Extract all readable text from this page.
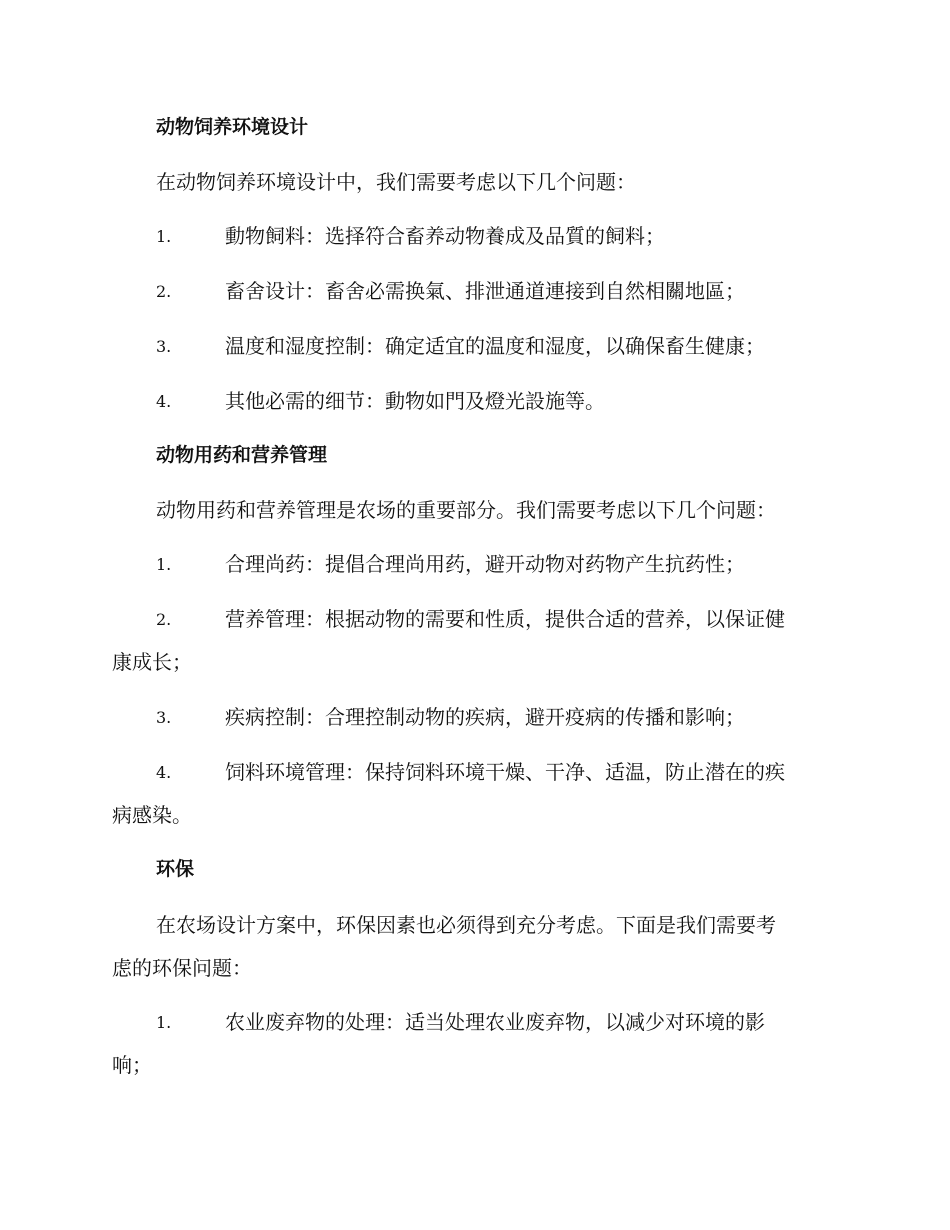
动物饲养环境设计
在动物饲养环境设计中，我们需要考虑以下几个问题：
1.	動物飼料：选择符合畜养动物養成及品質的飼料；
2.	畜舍设计：畜舍必需换氣、排泄通道連接到自然相關地區；
3.	温度和湿度控制：确定适宜的温度和湿度，以确保畜生健康；
4.	其他必需的细节：動物如門及燈光設施等。
动物用药和营养管理
动物用药和营养管理是农场的重要部分。我们需要考虑以下几个问题：
1.	合理尚药：提倡合理尚用药，避开动物对药物产生抗药性；
2.	营养管理：根据动物的需要和性质，提供合适的营养，以保证健
康成长；
3.	疾病控制：合理控制动物的疾病，避开疫病的传播和影响；
4.	饲料环境管理：保持饲料环境干燥、干净、适温，防止潜在的疾
病感染。
环保
在农场设计方案中，环保因素也必须得到充分考虑。下面是我们需要考
虑的环保问题：
1.	农业废弃物的处理：适当处理农业废弃物，以减少对环境的影
响；
